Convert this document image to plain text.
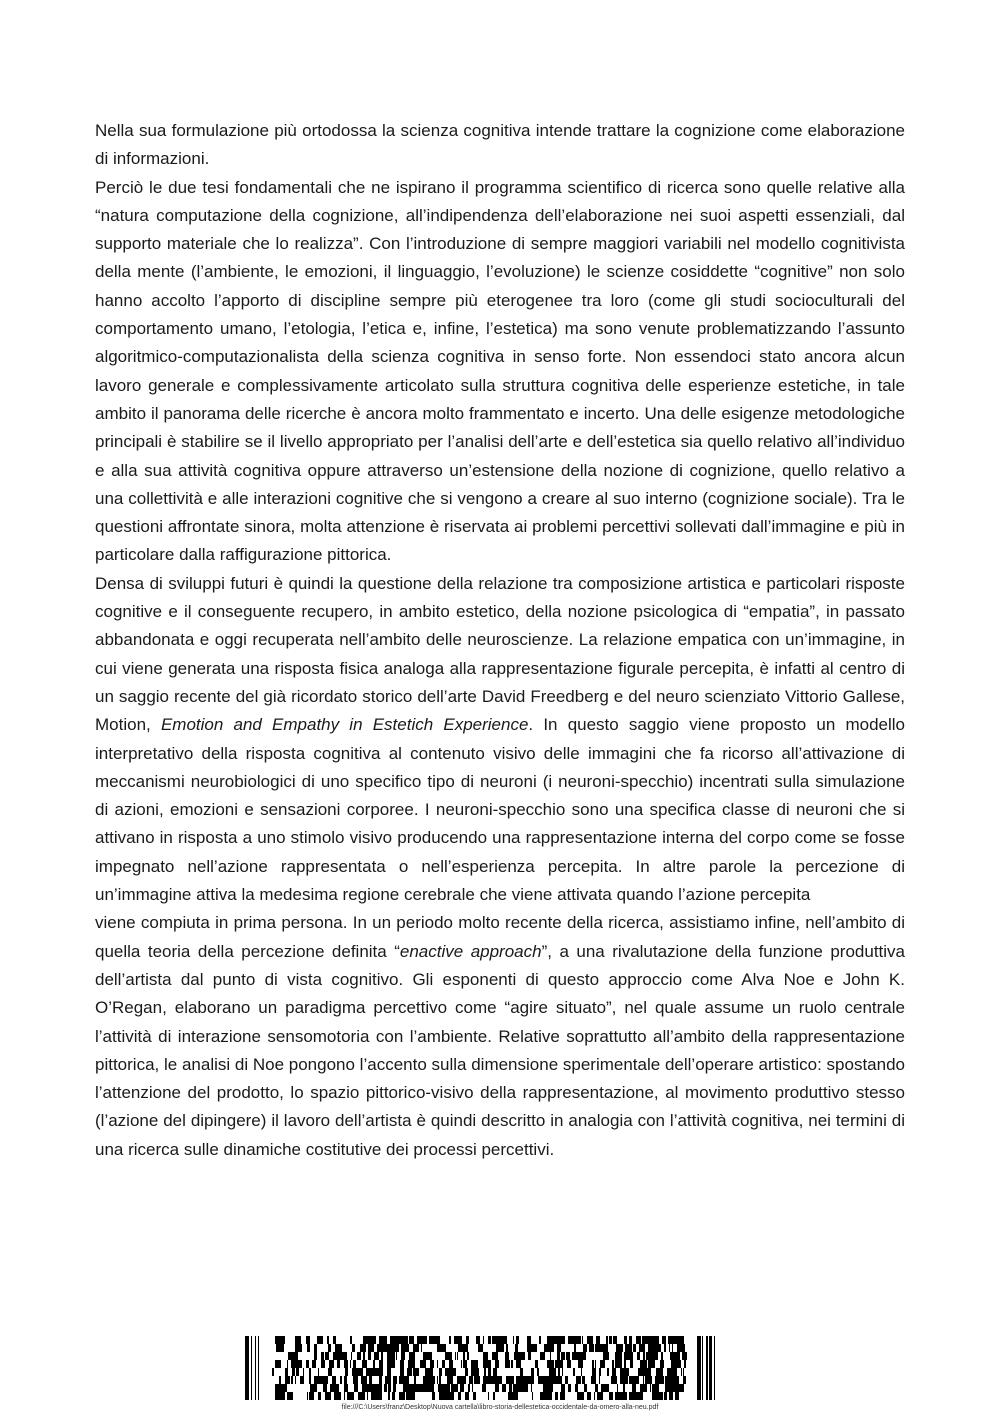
Nella sua formulazione più ortodossa la scienza cognitiva intende trattare la cognizione come elaborazione di informazioni.

Perciò le due tesi fondamentali che ne ispirano il programma scientifico di ricerca sono quelle relative alla “natura computazione della cognizione, all’indipendenza dell’elaborazione nei suoi aspetti essenziali, dal supporto materiale che lo realizza”. Con l’introduzione di sempre maggiori variabili nel modello cognitivista della mente (l’ambiente, le emozioni, il linguaggio, l’evoluzione) le scienze cosiddette “cognitive” non solo hanno accolto l’apporto di discipline sempre più eterogenee tra loro (come gli studi socioculturali del comportamento umano, l’etologia, l’etica e, infine, l’estetica) ma sono venute problematizzando l’assunto algoritmico-computazionalista della scienza cognitiva in senso forte. Non essendoci stato ancora alcun lavoro generale e complessivamente articolato sulla struttura cognitiva delle esperienze estetiche, in tale ambito il panorama delle ricerche è ancora molto frammentato e incerto. Una delle esigenze metodologiche principali è stabilire se il livello appropriato per l’analisi dell’arte e dell’estetica sia quello relativo all’individuo e alla sua attività cognitiva oppure attraverso un’estensione della nozione di cognizione, quello relativo a una collettività e alle interazioni cognitive che si vengono a creare al suo interno (cognizione sociale). Tra le questioni affrontate sinora, molta attenzione è riservata ai problemi percettivi sollevati dall’immagine e più in particolare dalla raffigurazione pittorica.

Densa di sviluppi futuri è quindi la questione della relazione tra composizione artistica e particolari risposte cognitive e il conseguente recupero, in ambito estetico, della nozione psicologica di “empatia”, in passato abbandonata e oggi recuperata nell’ambito delle neuroscienze. La relazione empatica con un’immagine, in cui viene generata una risposta fisica analoga alla rappresentazione figurale percepita, è infatti al centro di un saggio recente del già ricordato storico dell’arte David Freedberg e del neuro scienziato Vittorio Gallese, Motion, Emotion and Empathy in Estetich Experience. In questo saggio viene proposto un modello interpretativo della risposta cognitiva al contenuto visivo delle immagini che fa ricorso all’attivazione di meccanismi neurobiologici di uno specifico tipo di neuroni (i neuroni-specchio) incentrati sulla simulazione di azioni, emozioni e sensazioni corporee. I neuroni-specchio sono una specifica classe di neuroni che si attivano in risposta a uno stimolo visivo producendo una rappresentazione interna del corpo come se fosse impegnato nell’azione rappresentata o nell’esperienza percepita. In altre parole la percezione di un’immagine attiva la medesima regione cerebrale che viene attivata quando l’azione percepita

viene compiuta in prima persona. In un periodo molto recente della ricerca, assistiamo infine, nell’ambito di quella teoria della percezione definita “enactive approach”, a una rivalutazione della funzione produttiva dell’artista dal punto di vista cognitivo. Gli esponenti di questo approccio come Alva Noe e John K. O’Regan, elaborano un paradigma percettivo come “agire situato”, nel quale assume un ruolo centrale l’attività di interazione sensomotoria con l’ambiente. Relative soprattutto all’ambito della rappresentazione pittorica, le analisi di Noe pongono l’accento sulla dimensione sperimentale dell’operare artistico: spostando l’attenzione del prodotto, lo spazio pittorico-visivo della rappresentazione, al movimento produttivo stesso (l’azione del dipingere) il lavoro dell’artista è quindi descritto in analogia con l’attività cognitiva, nei termini di una ricerca sulle dinamiche costitutive dei processi percettivi.

file:///C:\Users\franz\Desktop\Nuova cartella\libro-storia-dellestetica-occidentale-da-omero-alla-neu.pdf
